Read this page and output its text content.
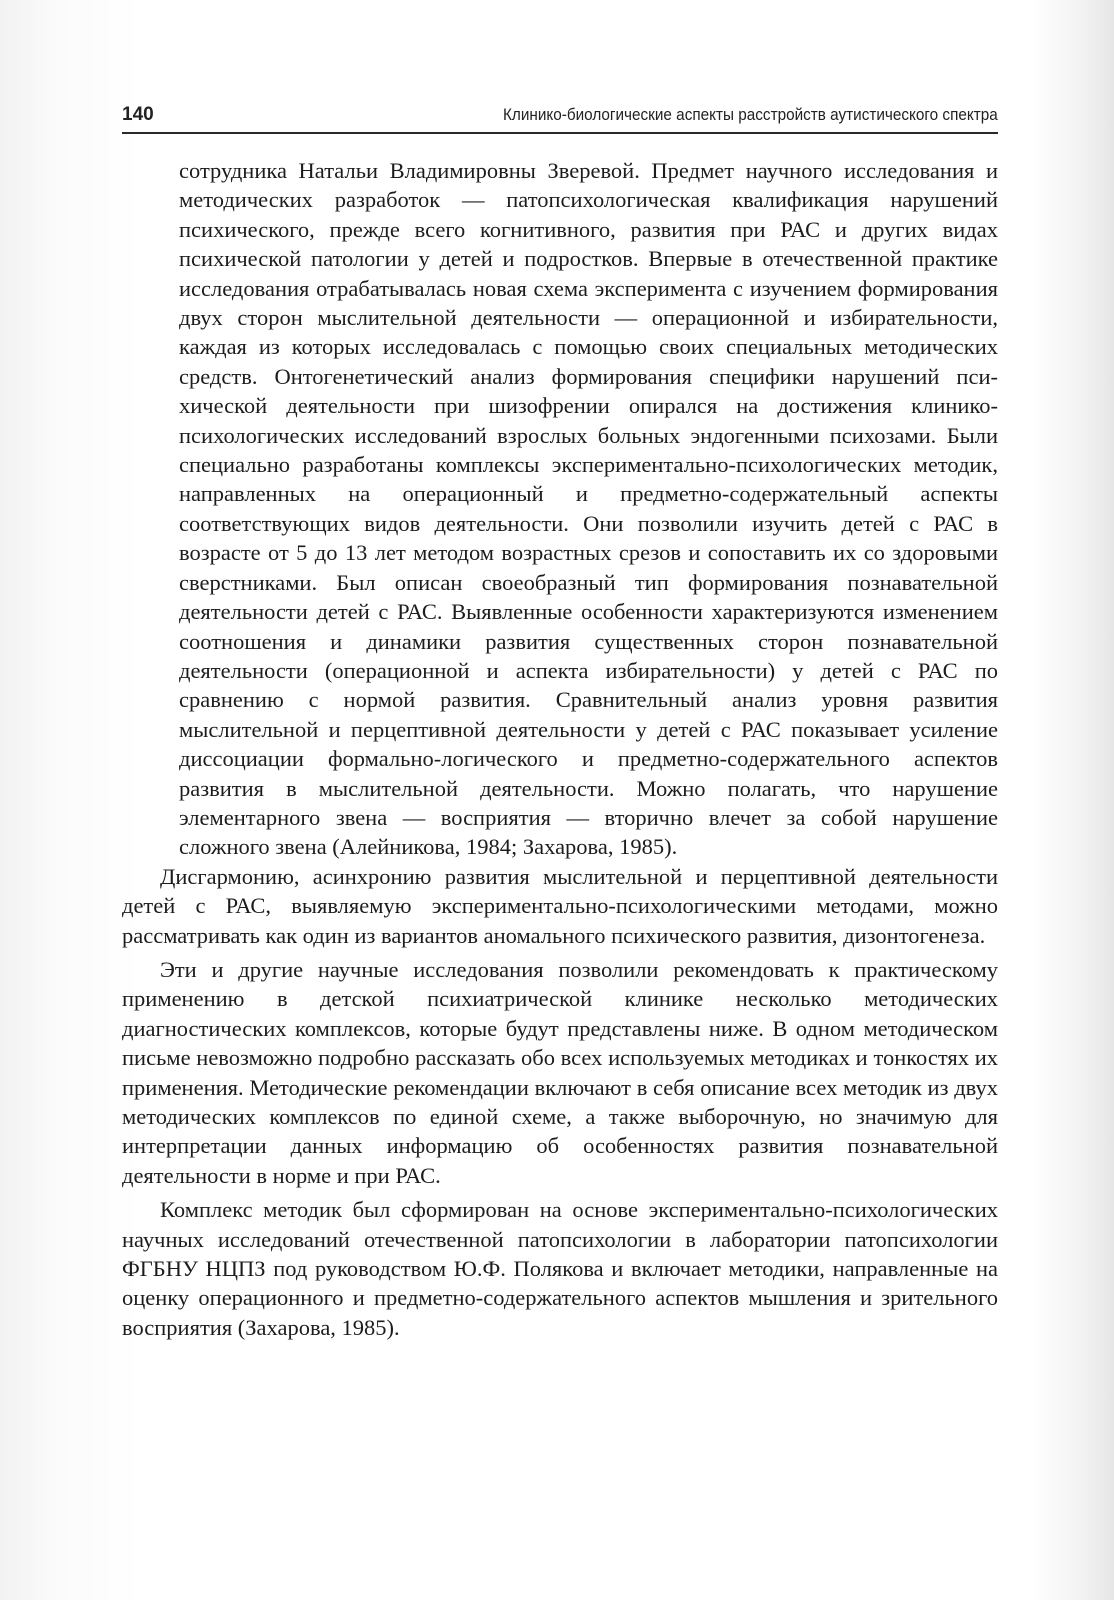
140	Клинико-биологические аспекты расстройств аутистического спектра

сотрудника Натальи Владимировны Зверевой. Предмет научного исследования и методических разработок — патопсихологическая квалификация нарушений психического, прежде всего когнитивного, развития при РАС и других видах психической патологии у детей и подростков. Впервые в отечественной практике исследования отрабатывалась новая схема эксперимента с изучением формирования двух сторон мыслительной деятельности — операционной и избирательности, каждая из которых исследовалась с помощью своих специальных методических средств. Онтогенетический анализ формирования специфики нарушений психической деятельности при шизофрении опирался на достижения клинико-психологических исследований взрослых больных эндогенными психозами. Были специально разработаны комплексы экспериментально-психологических методик, направленных на операционный и предметно-содержательный аспекты соответствующих видов деятельности. Они позволили изучить детей с РАС в возрасте от 5 до 13 лет методом возрастных срезов и сопоставить их со здоровыми сверстниками. Был описан своеобразный тип формирования познавательной деятельности детей с РАС. Выявленные особенности характеризуются изменением соотношения и динамики развития существенных сторон познавательной деятельности (операционной и аспекта избирательности) у детей с РАС по сравнению с нормой развития. Сравнительный анализ уровня развития мыслительной и перцептивной деятельности у детей с РАС показывает усиление диссоциации формально-логического и предметно-содержательного аспектов развития в мыслительной деятельности. Можно полагать, что нарушение элементарного звена — восприятия — вторично влечет за собой нарушение сложного звена (Алейникова, 1984; Захарова, 1985).

Дисгармонию, асинхронию развития мыслительной и перцептивной деятельности детей с РАС, выявляемую экспериментально-психологическими методами, можно рассматривать как один из вариантов аномального психического развития, дизонтогенеза.

Эти и другие научные исследования позволили рекомендовать к практическому применению в детской психиатрической клинике несколько методических диагностических комплексов, которые будут представлены ниже. В одном методическом письме невозможно подробно рассказать обо всех используемых методиках и тонкостях их применения. Методические рекомендации включают в себя описание всех методик из двух методических комплексов по единой схеме, а также выборочную, но значимую для интерпретации данных информацию об особенностях развития познавательной деятельности в норме и при РАС.

Комплекс методик был сформирован на основе экспериментально-психологических научных исследований отечественной патопсихологии в лаборатории патопсихологии ФГБНУ НЦПЗ под руководством Ю.Ф. Полякова и включает методики, направленные на оценку операционного и предметно-содержательного аспектов мышления и зрительного восприятия (Захарова, 1985).
